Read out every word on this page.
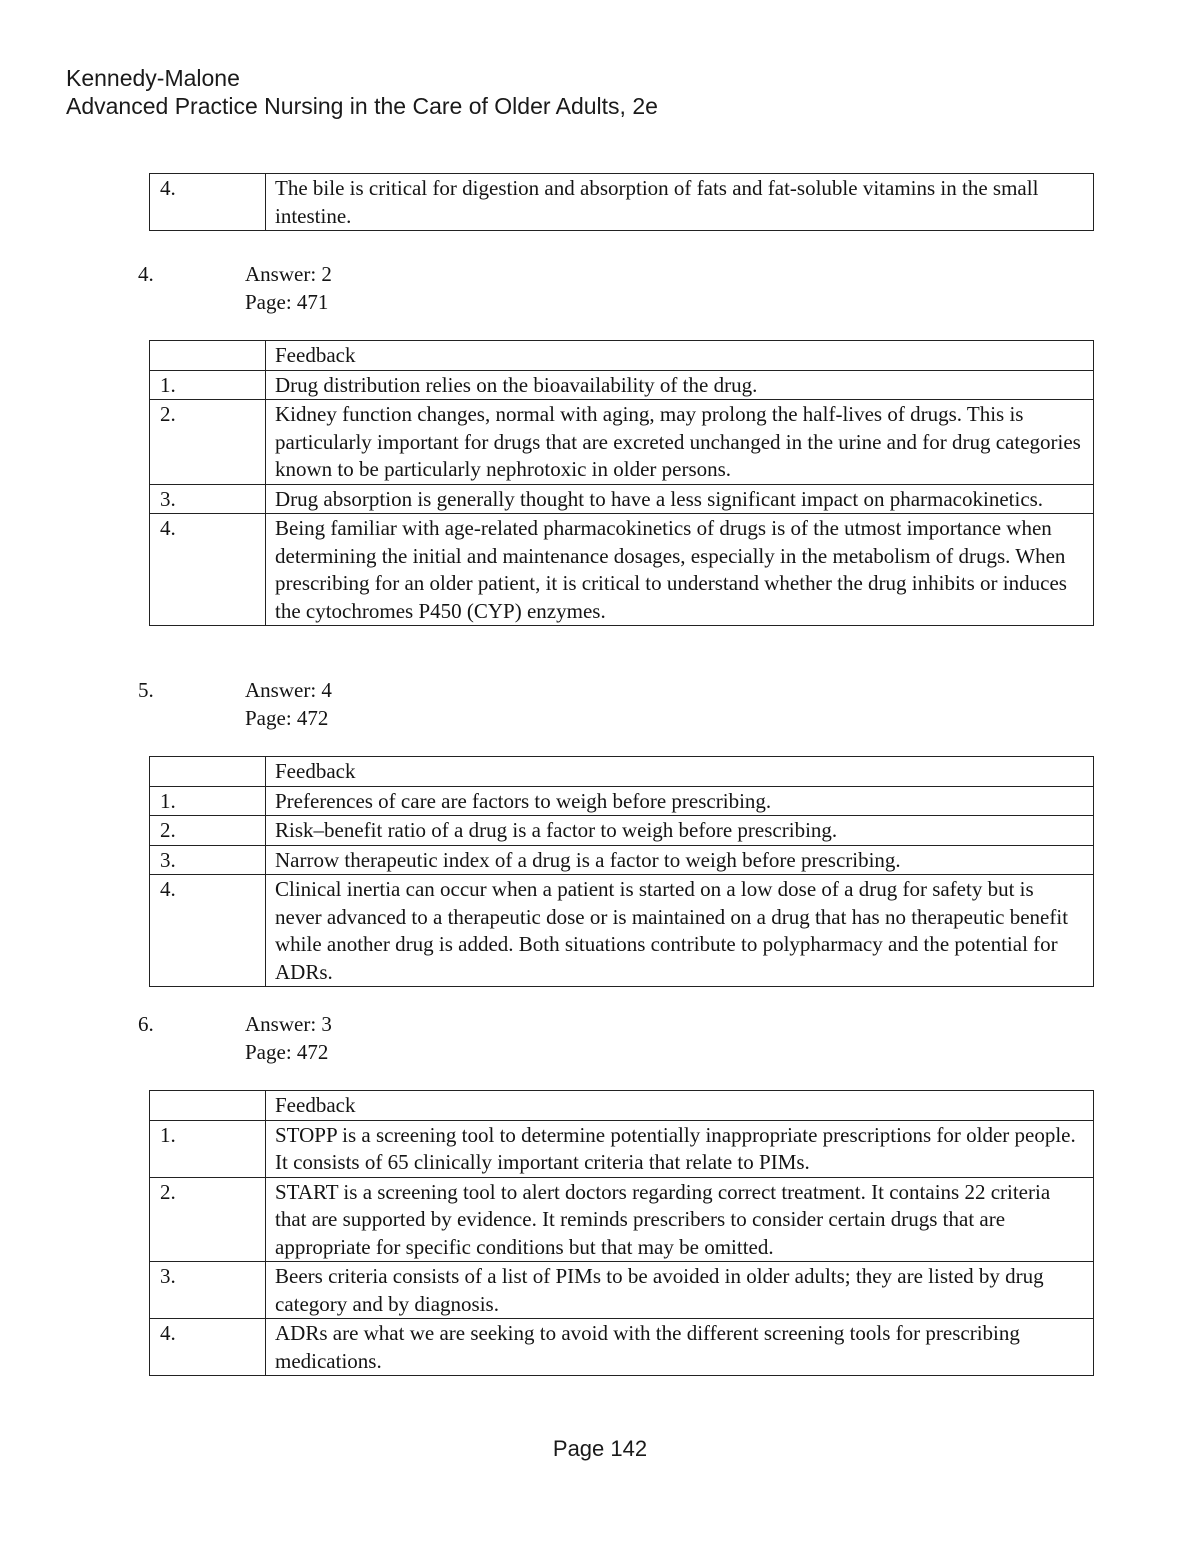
Kennedy-Malone
Advanced Practice Nursing in the Care of Older Adults, 2e
4.	The bile is critical for digestion and absorption of fats and fat-soluble vitamins in the small intestine.
4.	Answer: 2
Page: 471
	Feedback
1.	Drug distribution relies on the bioavailability of the drug.
2.	Kidney function changes, normal with aging, may prolong the half-lives of drugs. This is particularly important for drugs that are excreted unchanged in the urine and for drug categories known to be particularly nephrotoxic in older persons.
3.	Drug absorption is generally thought to have a less significant impact on pharmacokinetics.
4.	Being familiar with age-related pharmacokinetics of drugs is of the utmost importance when determining the initial and maintenance dosages, especially in the metabolism of drugs. When prescribing for an older patient, it is critical to understand whether the drug inhibits or induces the cytochromes P450 (CYP) enzymes.
5.	Answer: 4
Page: 472
	Feedback
1.	Preferences of care are factors to weigh before prescribing.
2.	Risk–benefit ratio of a drug is a factor to weigh before prescribing.
3.	Narrow therapeutic index of a drug is a factor to weigh before prescribing.
4.	Clinical inertia can occur when a patient is started on a low dose of a drug for safety but is never advanced to a therapeutic dose or is maintained on a drug that has no therapeutic benefit while another drug is added. Both situations contribute to polypharmacy and the potential for ADRs.
6.	Answer: 3
Page: 472
	Feedback
1.	STOPP is a screening tool to determine potentially inappropriate prescriptions for older people. It consists of 65 clinically important criteria that relate to PIMs.
2.	START is a screening tool to alert doctors regarding correct treatment. It contains 22 criteria that are supported by evidence. It reminds prescribers to consider certain drugs that are appropriate for specific conditions but that may be omitted.
3.	Beers criteria consists of a list of PIMs to be avoided in older adults; they are listed by drug category and by diagnosis.
4.	ADRs are what we are seeking to avoid with the different screening tools for prescribing medications.
Page 142
